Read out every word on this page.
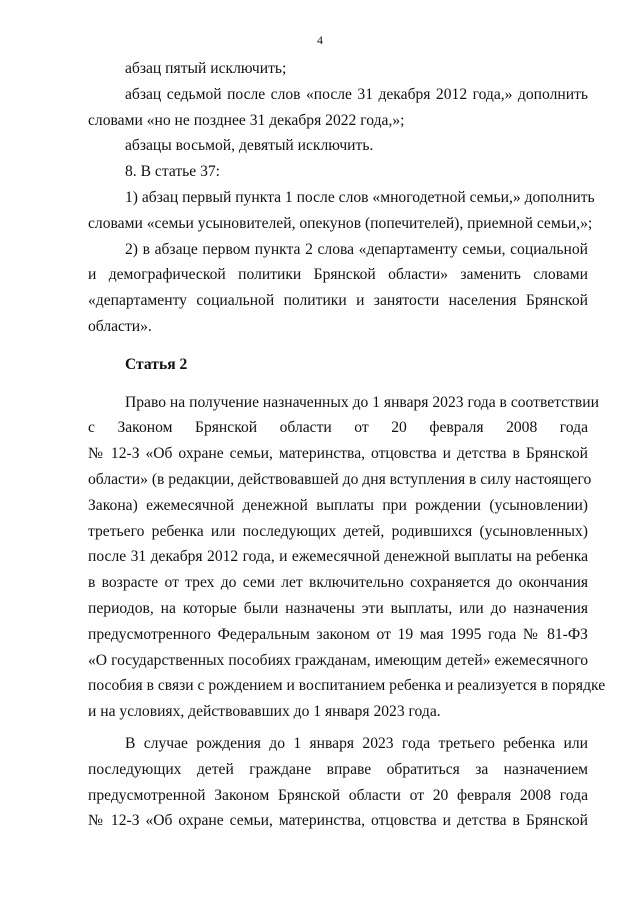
4
абзац пятый исключить;
абзац седьмой после слов «после 31 декабря 2012 года,» дополнить
словами «но не позднее 31 декабря 2022 года,»;
абзацы восьмой, девятый исключить.
8. В статье 37:
1) абзац первый пункта 1 после слов «многодетной семьи,» дополнить
словами «семьи усыновителей, опекунов (попечителей), приемной семьи,»;
2) в абзаце первом пункта 2 слова «департаменту семьи, социальной
и демографической политики Брянской области» заменить словами
«департаменту социальной политики и занятости населения Брянской
области».
Статья 2
Право на получение назначенных до 1 января 2023 года в соответствии
с Законом Брянской области от 20 февраля 2008 года
№ 12-З «Об охране семьи, материнства, отцовства и детства в Брянской
области» (в редакции, действовавшей до дня вступления в силу настоящего
Закона) ежемесячной денежной выплаты при рождении (усыновлении)
третьего ребенка или последующих детей, родившихся (усыновленных)
после 31 декабря 2012 года, и ежемесячной денежной выплаты на ребенка
в возрасте от трех до семи лет включительно сохраняется до окончания
периодов, на которые были назначены эти выплаты, или до назначения
предусмотренного Федеральным законом от 19 мая 1995 года № 81-ФЗ
«О государственных пособиях гражданам, имеющим детей» ежемесячного
пособия в связи с рождением и воспитанием ребенка и реализуется в порядке
и на условиях, действовавших до 1 января 2023 года.
В случае рождения до 1 января 2023 года третьего ребенка или
последующих детей граждане вправе обратиться за назначением
предусмотренной Законом Брянской области от 20 февраля 2008 года
№ 12-З «Об охране семьи, материнства, отцовства и детства в Брянской
